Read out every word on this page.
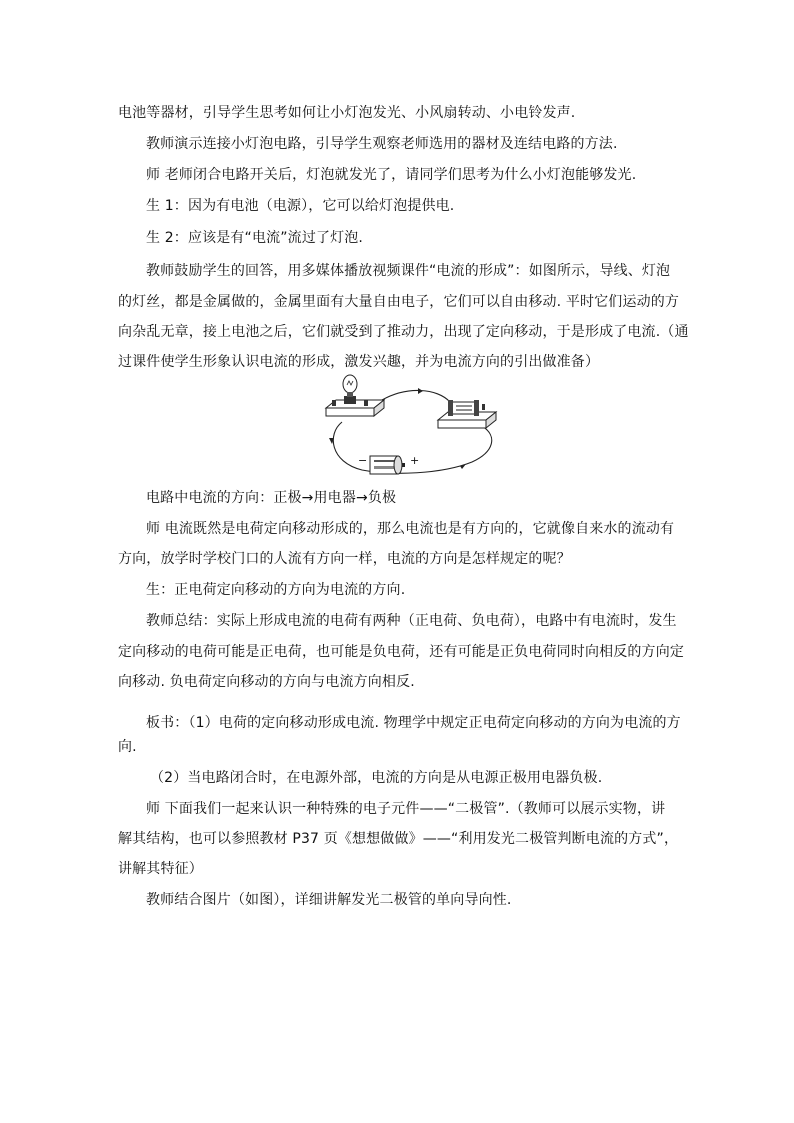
电池等器材，引导学生思考如何让小灯泡发光、小风扇转动、小电铃发声.
教师演示连接小灯泡电路，引导学生观察老师选用的器材及连结电路的方法.
师 老师闭合电路开关后，灯泡就发光了，请同学们思考为什么小灯泡能够发光.
生 1：因为有电池（电源），它可以给灯泡提供电.
生 2：应该是有“电流”流过了灯泡.
教师鼓励学生的回答，用多媒体播放视频课件“电流的形成”：如图所示，导线、灯泡
的灯丝，都是金属做的，金属里面有大量自由电子，它们可以自由移动. 平时它们运动的方
向杂乱无章，接上电池之后，它们就受到了推动力，出现了定向移动，于是形成了电流.（通
过课件使学生形象认识电流的形成，激发兴趣，并为电流方向的引出做准备）
−	+
电路中电流的方向：正极→用电器→负极
师 电流既然是电荷定向移动形成的，那么电流也是有方向的，它就像自来水的流动有
方向，放学时学校门口的人流有方向一样，电流的方向是怎样规定的呢？
生：正电荷定向移动的方向为电流的方向.
教师总结：实际上形成电流的电荷有两种（正电荷、负电荷），电路中有电流时，发生
定向移动的电荷可能是正电荷，也可能是负电荷，还有可能是正负电荷同时向相反的方向定
向移动. 负电荷定向移动的方向与电流方向相反.
板书：（1）电荷的定向移动形成电流. 物理学中规定正电荷定向移动的方向为电流的方
向.
（2）当电路闭合时，在电源外部，电流的方向是从电源正极用电器负极.
师 下面我们一起来认识一种特殊的电子元件——“二极管”.（教师可以展示实物，讲
解其结构，也可以参照教材 P37 页《想想做做》——“利用发光二极管判断电流的方式”，
讲解其特征）
教师结合图片（如图），详细讲解发光二极管的单向导向性.
